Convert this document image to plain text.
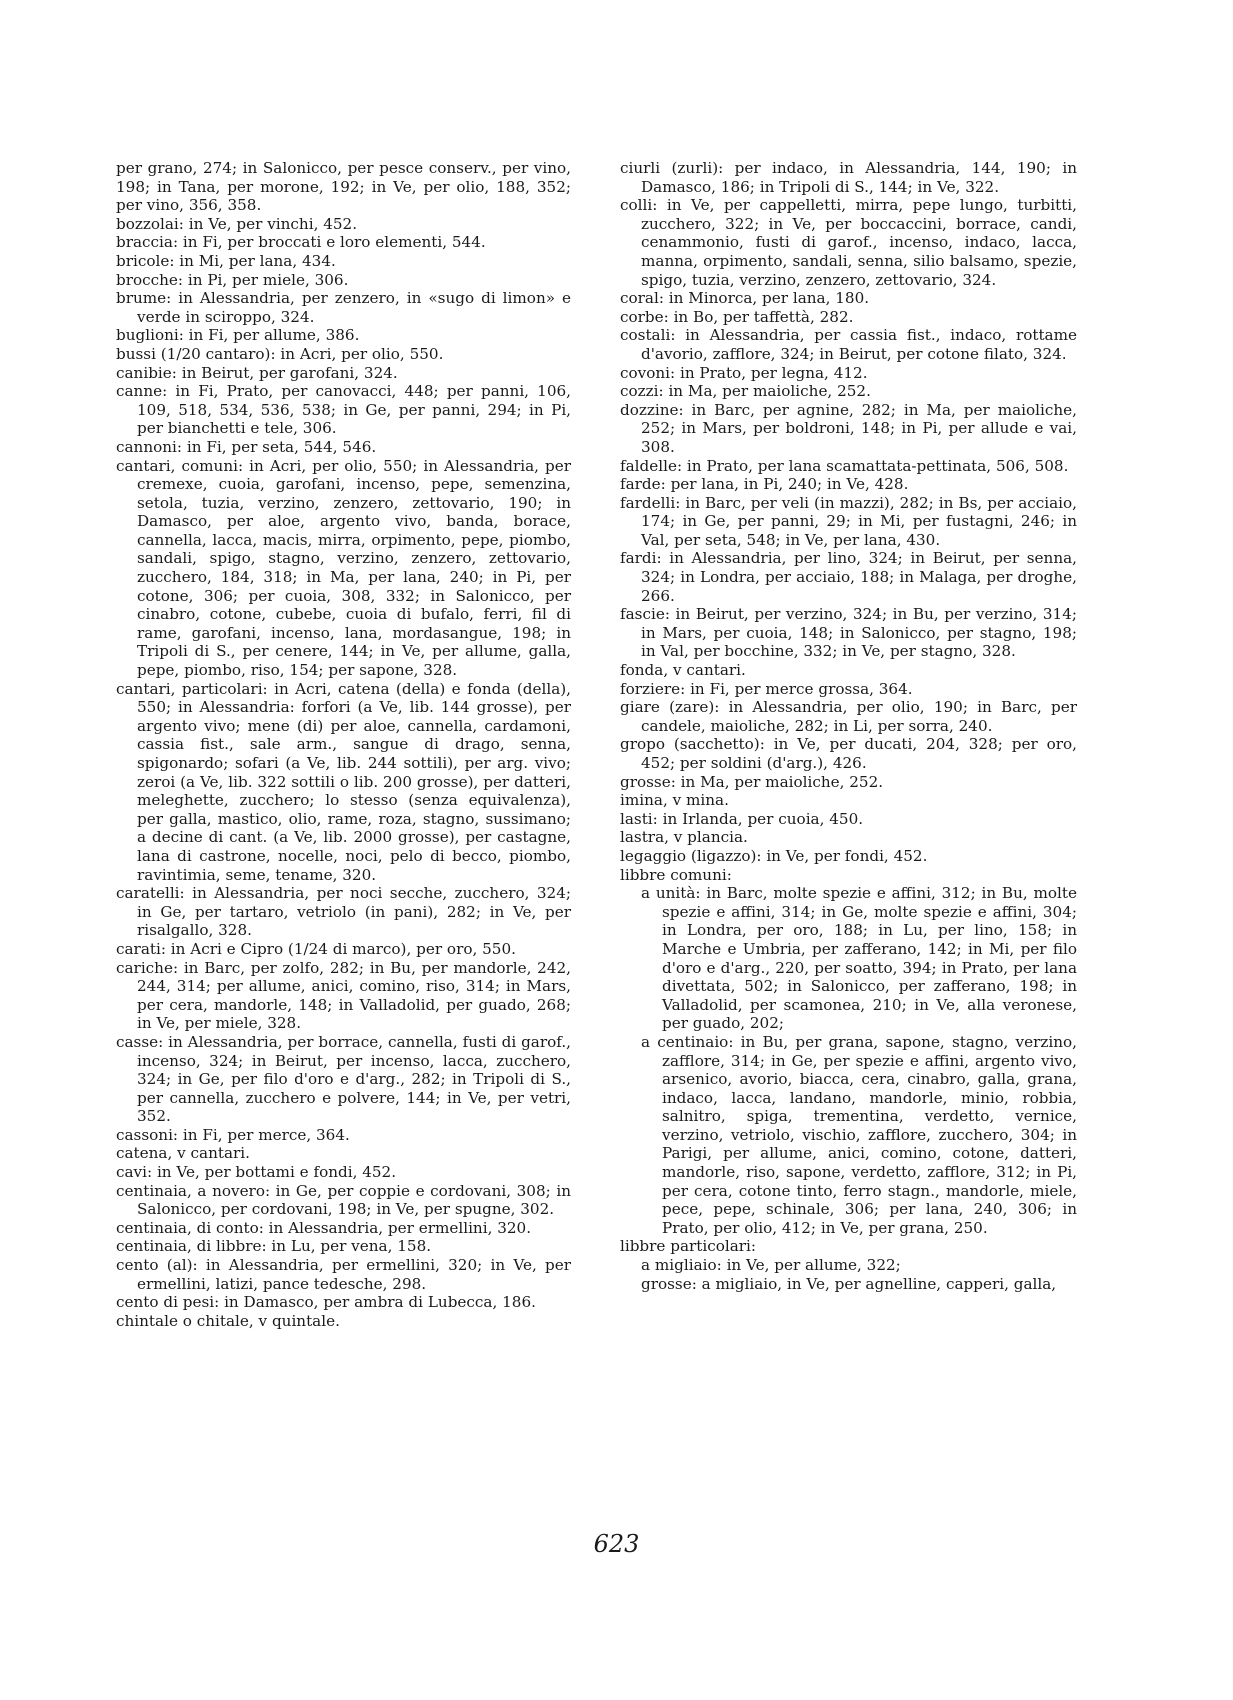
per grano, 274; in Salonicco, per pesce conserv., per vino, 198; in Tana, per morone, 192; in Ve, per olio, 188, 352; per vino, 356, 358.

bozzolai: in Ve, per vinchi, 452.

braccia: in Fi, per broccati e loro elementi, 544.

bricole: in Mi, per lana, 434.

brocche: in Pi, per miele, 306.

brume: in Alessandria, per zenzero, in «sugo di limon» e verde in sciroppo, 324.

buglioni: in Fi, per allume, 386.

bussi (1/20 cantaro): in Acri, per olio, 550.

canibie: in Beirut, per garofani, 324.

canne: in Fi, Prato, per canovacci, 448; per panni, 106, 109, 518, 534, 536, 538; in Ge, per panni, 294; in Pi, per bianchetti e tele, 306.

cannoni: in Fi, per seta, 544, 546.

cantari, comuni: in Acri, per olio, 550; in Alessandria, per cremexe, cuoia, garofani, incenso, pepe, semenzina, setola, tuzia, verzino, zenzero, zettovario, 190; in Damasco, per aloe, argento vivo, banda, borace, cannella, lacca, macis, mirra, orpimento, pepe, piombo, sandali, spigo, stagno, verzino, zenzero, zettovario, zucchero, 184, 318; in Ma, per lana, 240; in Pi, per cotone, 306; per cuoia, 308, 332; in Salonicco, per cinabro, cotone, cubebe, cuoia di bufalo, ferri, fil di rame, garofani, incenso, lana, mordasangue, 198; in Tripoli di S., per cenere, 144; in Ve, per allume, galla, pepe, piombo, riso, 154; per sapone, 328.

cantari, particolari: in Acri, catena (della) e fonda (della), 550; in Alessandria: forfori (a Ve, lib. 144 grosse), per argento vivo; mene (di) per aloe, cannella, cardamoni, cassia fist., sale arm., sangue di drago, senna, spigonardo; sofari (a Ve, lib. 244 sottili), per arg. vivo; zeroi (a Ve, lib. 322 sottili o lib. 200 grosse), per datteri, meleghette, zucchero; lo stesso (senza equivalenza), per galla, mastico, olio, rame, roza, stagno, sussimano; a decine di cant. (a Ve, lib. 2000 grosse), per castagne, lana di castrone, nocelle, noci, pelo di becco, piombo, ravintimia, seme, tename, 320.

caratelli: in Alessandria, per noci secche, zucchero, 324; in Ge, per tartaro, vetriolo (in pani), 282; in Ve, per risalgallo, 328.

carati: in Acri e Cipro (1/24 di marco), per oro, 550.

cariche: in Barc, per zolfo, 282; in Bu, per mandorle, 242, 244, 314; per allume, anici, comino, riso, 314; in Mars, per cera, mandorle, 148; in Valladolid, per guado, 268; in Ve, per miele, 328.

casse: in Alessandria, per borrace, cannella, fusti di garof., incenso, 324; in Beirut, per incenso, lacca, zucchero, 324; in Ge, per filo d'oro e d'arg., 282; in Tripoli di S., per cannella, zucchero e polvere, 144; in Ve, per vetri, 352.

cassoni: in Fi, per merce, 364.

catena, v cantari.

cavi: in Ve, per bottami e fondi, 452.

centinaia, a novero: in Ge, per coppie e cordovani, 308; in Salonicco, per cordovani, 198; in Ve, per spugne, 302.

centinaia, di conto: in Alessandria, per ermellini, 320.

centinaia, di libbre: in Lu, per vena, 158.

cento (al): in Alessandria, per ermellini, 320; in Ve, per ermellini, latizi, pance tedesche, 298.

cento di pesi: in Damasco, per ambra di Lubecca, 186.

chintale o chitale, v quintale.

ciurli (zurli): per indaco, in Alessandria, 144, 190; in Damasco, 186; in Tripoli di S., 144; in Ve, 322.

colli: in Ve, per cappelletti, mirra, pepe lungo, turbitti, zucchero, 322; in Ve, per boccaccini, borrace, candi, cenammonio, fusti di garof., incenso, indaco, lacca, manna, orpimento, sandali, senna, silio balsamo, spezie, spigo, tuzia, verzino, zenzero, zettovario, 324.

coral: in Minorca, per lana, 180.

corbe: in Bo, per taffettà, 282.

costali: in Alessandria, per cassia fist., indaco, rottame d'avorio, zafflore, 324; in Beirut, per cotone filato, 324.

covoni: in Prato, per legna, 412.

cozzi: in Ma, per maioliche, 252.

dozzine: in Barc, per agnine, 282; in Ma, per maioliche, 252; in Mars, per boldroni, 148; in Pi, per allude e vai, 308.

faldelle: in Prato, per lana scamattata-pettinata, 506, 508.

farde: per lana, in Pi, 240; in Ve, 428.

fardelli: in Barc, per veli (in mazzi), 282; in Bs, per acciaio, 174; in Ge, per panni, 29; in Mi, per fustagni, 246; in Val, per seta, 548; in Ve, per lana, 430.

fardi: in Alessandria, per lino, 324; in Beirut, per senna, 324; in Londra, per acciaio, 188; in Malaga, per droghe, 266.

fascie: in Beirut, per verzino, 324; in Bu, per verzino, 314; in Mars, per cuoia, 148; in Salonicco, per stagno, 198; in Val, per bocchine, 332; in Ve, per stagno, 328.

fonda, v cantari.

forziere: in Fi, per merce grossa, 364.

giare (zare): in Alessandria, per olio, 190; in Barc, per candele, maioliche, 282; in Li, per sorra, 240.

gropo (sacchetto): in Ve, per ducati, 204, 328; per oro, 452; per soldini (d'arg.), 426.

grosse: in Ma, per maioliche, 252.

imina, v mina.

lasti: in Irlanda, per cuoia, 450.

lastra, v plancia.

legaggio (ligazzo): in Ve, per fondi, 452.

libbre comuni:

a unità: in Barc, molte spezie e affini, 312; in Bu, molte spezie e affini, 314; in Ge, molte spezie e affini, 304; in Londra, per oro, 188; in Lu, per lino, 158; in Marche e Umbria, per zafferano, 142; in Mi, per filo d'oro e d'arg., 220, per soatto, 394; in Prato, per lana divettata, 502; in Salonicco, per zafferano, 198; in Valladolid, per scamonea, 210; in Ve, alla veronese, per guado, 202;

a centinaio: in Bu, per grana, sapone, stagno, verzino, zafflore, 314; in Ge, per spezie e affini, argento vivo, arsenico, avorio, biacca, cera, cinabro, galla, grana, indaco, lacca, landano, mandorle, minio, robbia, salnitro, spiga, trementina, verdetto, vernice, verzino, vetriolo, vischio, zafflore, zucchero, 304; in Parigi, per allume, anici, comino, cotone, datteri, mandorle, riso, sapone, verdetto, zafflore, 312; in Pi, per cera, cotone tinto, ferro stagn., mandorle, miele, pece, pepe, schinale, 306; per lana, 240, 306; in Prato, per olio, 412; in Ve, per grana, 250.

libbre particolari:

a migliaio: in Ve, per allume, 322;

grosse: a migliaio, in Ve, per agnelline, capperi, galla,

623
